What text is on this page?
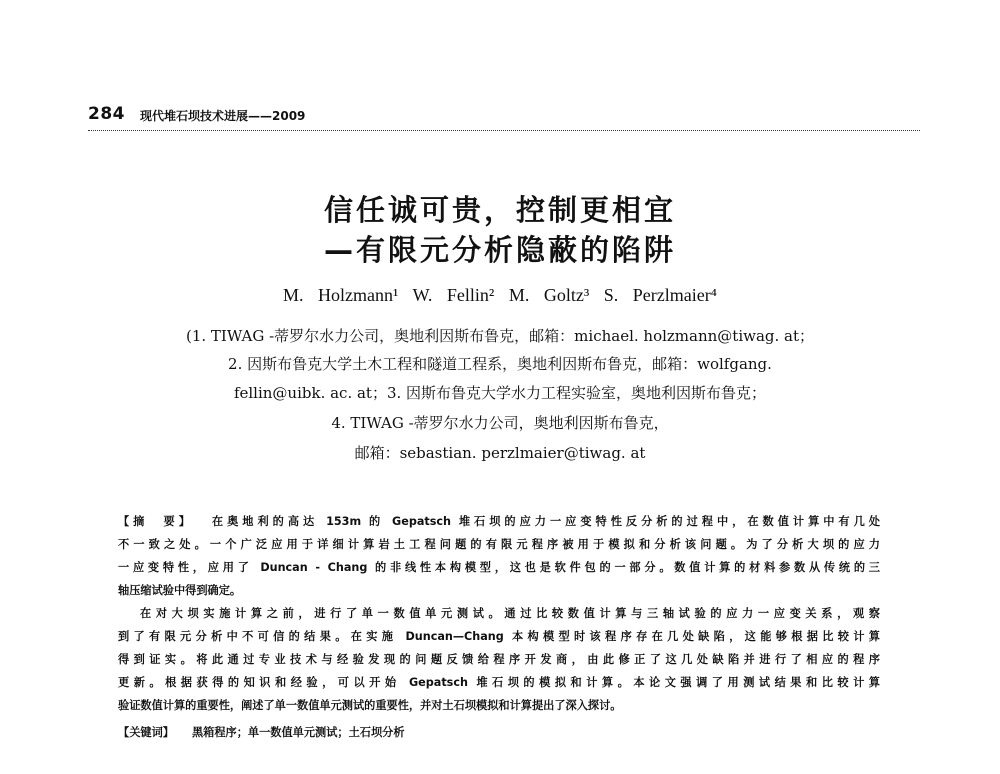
284 现代堆石坝技术进展——2009
信任诚可贵，控制更相宜
—有限元分析隐蔽的陷阱
M. Holzmann¹ W. Fellin² M. Goltz³ S. Perzlmaier⁴
(1. TIWAG -蒂罗尔水力公司，奥地利因斯布鲁克，邮箱：michael. holzmann@tiwag. at；
2. 因斯布鲁克大学土木工程和隧道工程系，奥地利因斯布鲁克，邮箱：wolfgang.
fellin@uibk. ac. at；3. 因斯布鲁克大学水力工程实验室，奥地利因斯布鲁克；
4. TIWAG -蒂罗尔水力公司，奥地利因斯布鲁克，
邮箱：sebastian. perzlmaier@tiwag. at
【摘　要】 在奥地利的高达 153m 的 Gepatsch 堆石坝的应力一应变特性反分析的过程中，在数值计算中有几处
不一致之处。一个广泛应用于详细计算岩土工程问题的有限元程序被用于模拟和分析该问题。为了分析大坝的应力
一应变特性，应用了 Duncan - Chang 的非线性本构模型，这也是软件包的一部分。数值计算的材料参数从传统的三
轴压缩试验中得到确定。
在对大坝实施计算之前，进行了单一数值单元测试。通过比较数值计算与三轴试验的应力一应变关系，观察
到了有限元分析中不可信的结果。在实施 Duncan—Chang 本构模型时该程序存在几处缺陷，这能够根据比较计算
得到证实。将此通过专业技术与经验发现的问题反馈给程序开发商，由此修正了这几处缺陷并进行了相应的程序
更新。根据获得的知识和经验，可以开始 Gepatsch 堆石坝的模拟和计算。本论文强调了用测试结果和比较计算
验证数值计算的重要性，阐述了单一数值单元测试的重要性，并对土石坝模拟和计算提出了深入探讨。
【关键词】 黑箱程序；单一数值单元测试；土石坝分析
